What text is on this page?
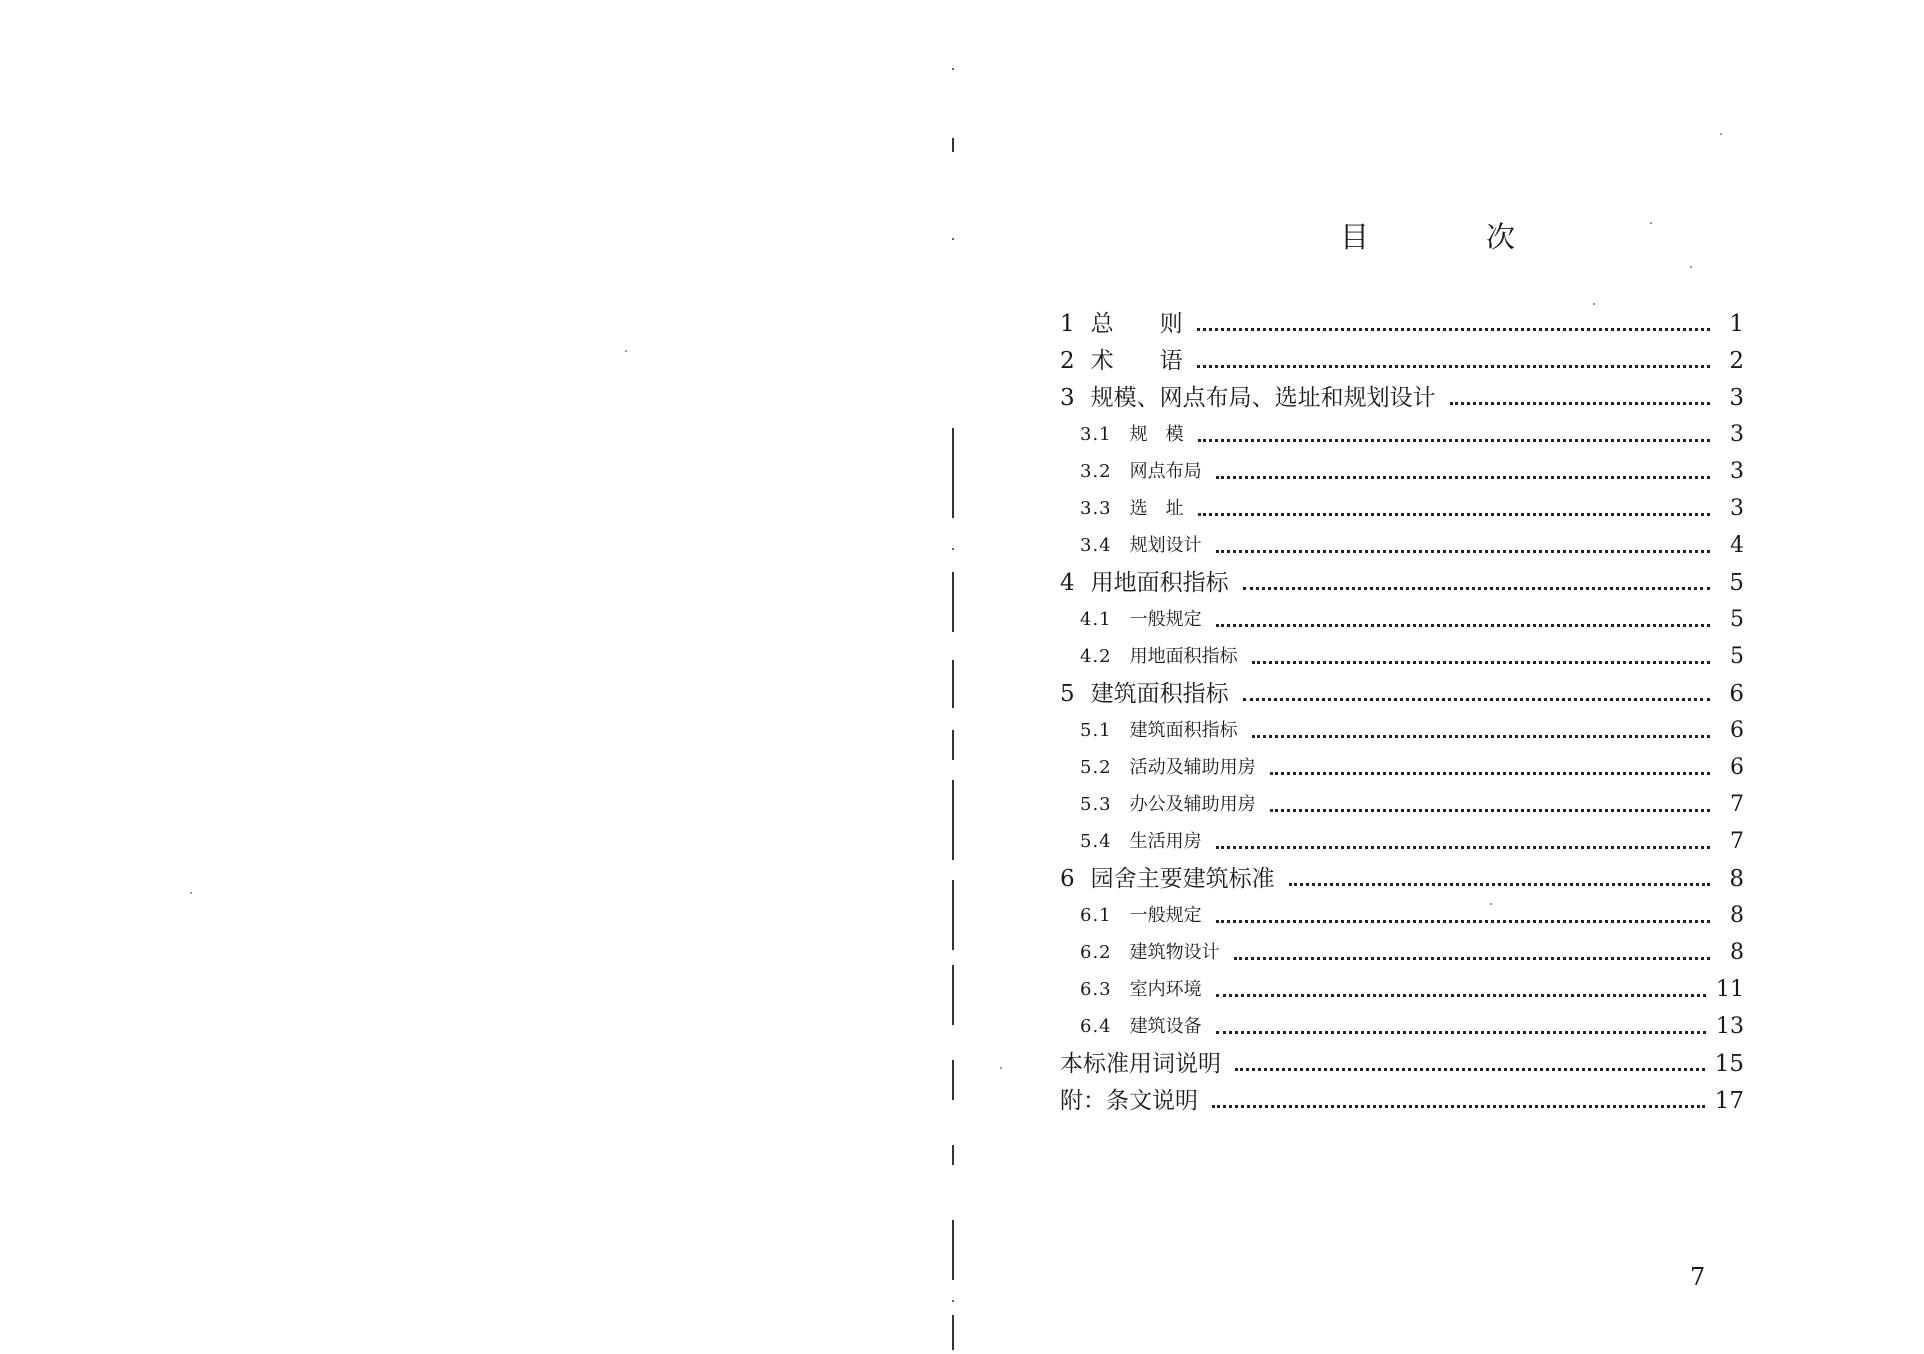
目　次
1 总　　则	1
2 术　　语	2
3 规模、网点布局、选址和规划设计	3
3.1 规　模	3
3.2 网点布局	3
3.3 选　址	3
3.4 规划设计	4
4 用地面积指标	5
4.1 一般规定	5
4.2 用地面积指标	5
5 建筑面积指标	6
5.1 建筑面积指标	6
5.2 活动及辅助用房	6
5.3 办公及辅助用房	7
5.4 生活用房	7
6 园舍主要建筑标准	8
6.1 一般规定	8
6.2 建筑物设计	8
6.3 室内环境	11
6.4 建筑设备	13
本标准用词说明	15
附：条文说明	17
7
